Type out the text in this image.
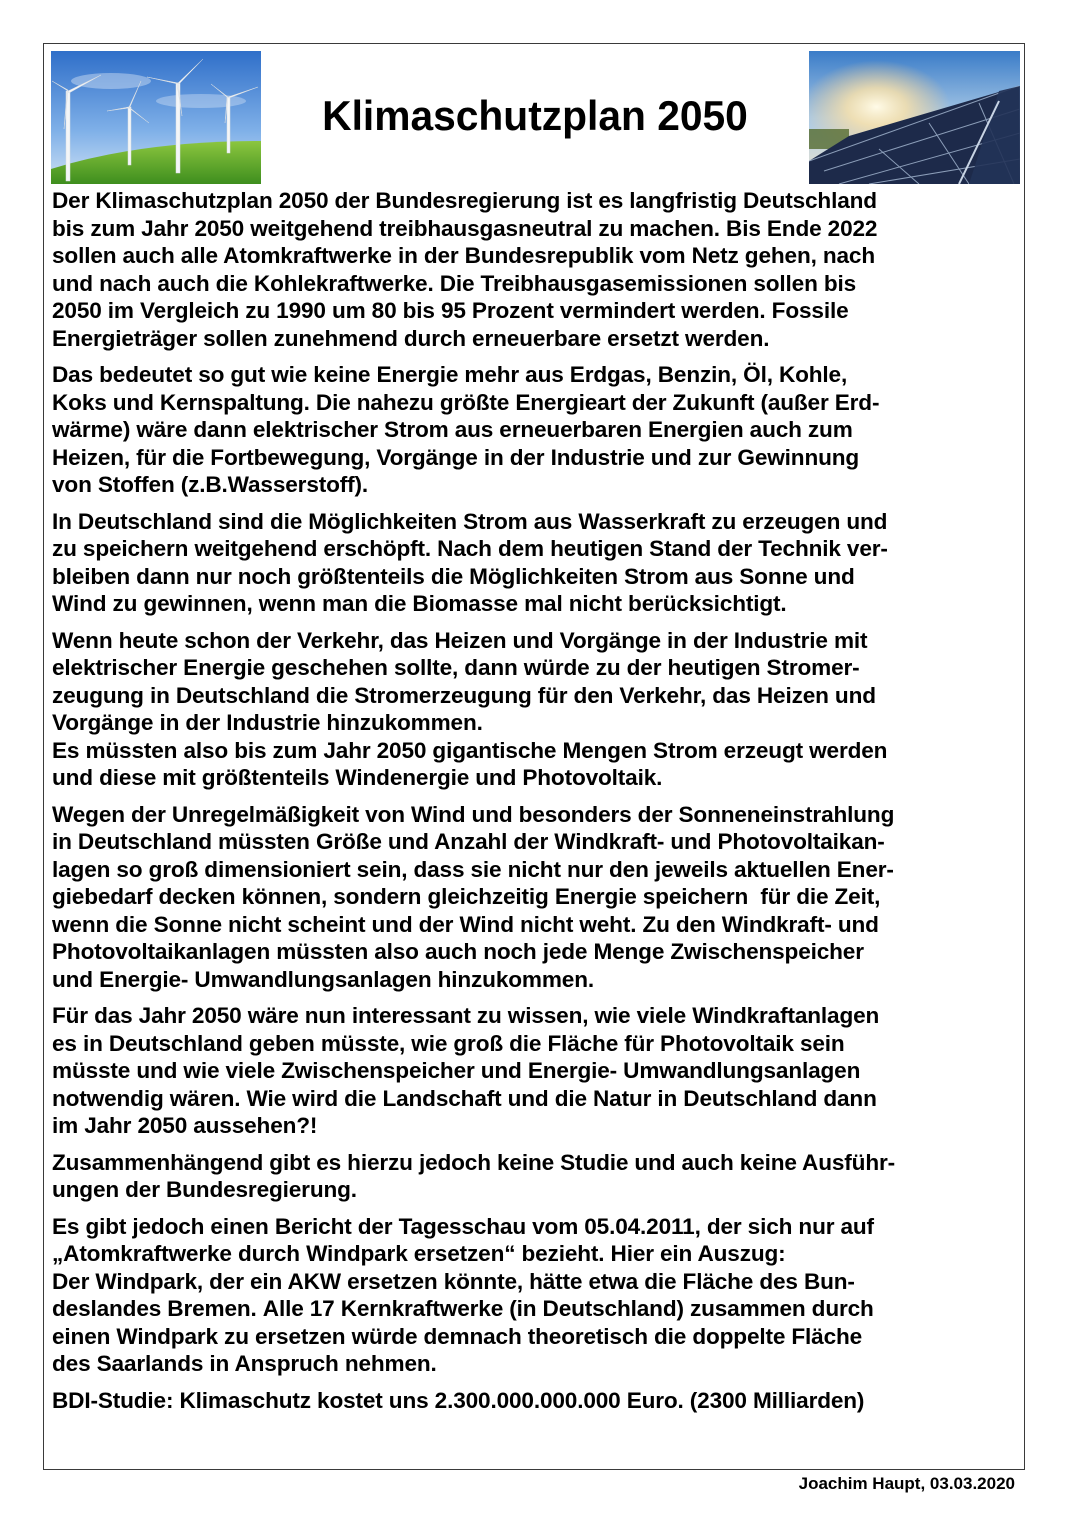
Klimaschutzplan 2050

Der Klimaschutzplan 2050 der Bundesregierung ist es langfristig Deutschland
bis zum Jahr 2050 weitgehend treibhausgasneutral zu machen. Bis Ende 2022
sollen auch alle Atomkraftwerke in der Bundesrepublik vom Netz gehen, nach
und nach auch die Kohlekraftwerke. Die Treibhausgasemissionen sollen bis
2050 im Vergleich zu 1990 um 80 bis 95 Prozent vermindert werden. Fossile
Energieträger sollen zunehmend durch erneuerbare ersetzt werden.

Das bedeutet so gut wie keine Energie mehr aus Erdgas, Benzin, Öl, Kohle,
Koks und Kernspaltung. Die nahezu größte Energieart der Zukunft (außer Erd-
wärme) wäre dann elektrischer Strom aus erneuerbaren Energien auch zum
Heizen, für die Fortbewegung, Vorgänge in der Industrie und zur Gewinnung
von Stoffen (z.B.Wasserstoff).

In Deutschland sind die Möglichkeiten Strom aus Wasserkraft zu erzeugen und
zu speichern weitgehend erschöpft. Nach dem heutigen Stand der Technik ver-
bleiben dann nur noch größtenteils die Möglichkeiten Strom aus Sonne und
Wind zu gewinnen, wenn man die Biomasse mal nicht berücksichtigt.

Wenn heute schon der Verkehr, das Heizen und Vorgänge in der Industrie mit
elektrischer Energie geschehen sollte, dann würde zu der heutigen Stromer-
zeugung in Deutschland die Stromerzeugung für den Verkehr, das Heizen und
Vorgänge in der Industrie hinzukommen.
Es müssten also bis zum Jahr 2050 gigantische Mengen Strom erzeugt werden
und diese mit größtenteils Windenergie und Photovoltaik.

Wegen der Unregelmäßigkeit von Wind und besonders der Sonneneinstrahlung
in Deutschland müssten Größe und Anzahl der Windkraft- und Photovoltaikan-
lagen so groß dimensioniert sein, dass sie nicht nur den jeweils aktuellen Ener-
giebedarf decken können, sondern gleichzeitig Energie speichern  für die Zeit,
wenn die Sonne nicht scheint und der Wind nicht weht. Zu den Windkraft- und
Photovoltaikanlagen müssten also auch noch jede Menge Zwischenspeicher
und Energie- Umwandlungsanlagen hinzukommen.

Für das Jahr 2050 wäre nun interessant zu wissen, wie viele Windkraftanlagen
es in Deutschland geben müsste, wie groß die Fläche für Photovoltaik sein
müsste und wie viele Zwischenspeicher und Energie- Umwandlungsanlagen
notwendig wären. Wie wird die Landschaft und die Natur in Deutschland dann
im Jahr 2050 aussehen?!

Zusammenhängend gibt es hierzu jedoch keine Studie und auch keine Ausführ-
ungen der Bundesregierung.

Es gibt jedoch einen Bericht der Tagesschau vom 05.04.2011, der sich nur auf
„Atomkraftwerke durch Windpark ersetzen“ bezieht. Hier ein Auszug:
Der Windpark, der ein AKW ersetzen könnte, hätte etwa die Fläche des Bun-
deslandes Bremen. Alle 17 Kernkraftwerke (in Deutschland) zusammen durch
einen Windpark zu ersetzen würde demnach theoretisch die doppelte Fläche
des Saarlands in Anspruch nehmen.

BDI-Studie: Klimaschutz kostet uns 2.300.000.000.000 Euro. (2300 Milliarden)

Joachim Haupt, 03.03.2020
